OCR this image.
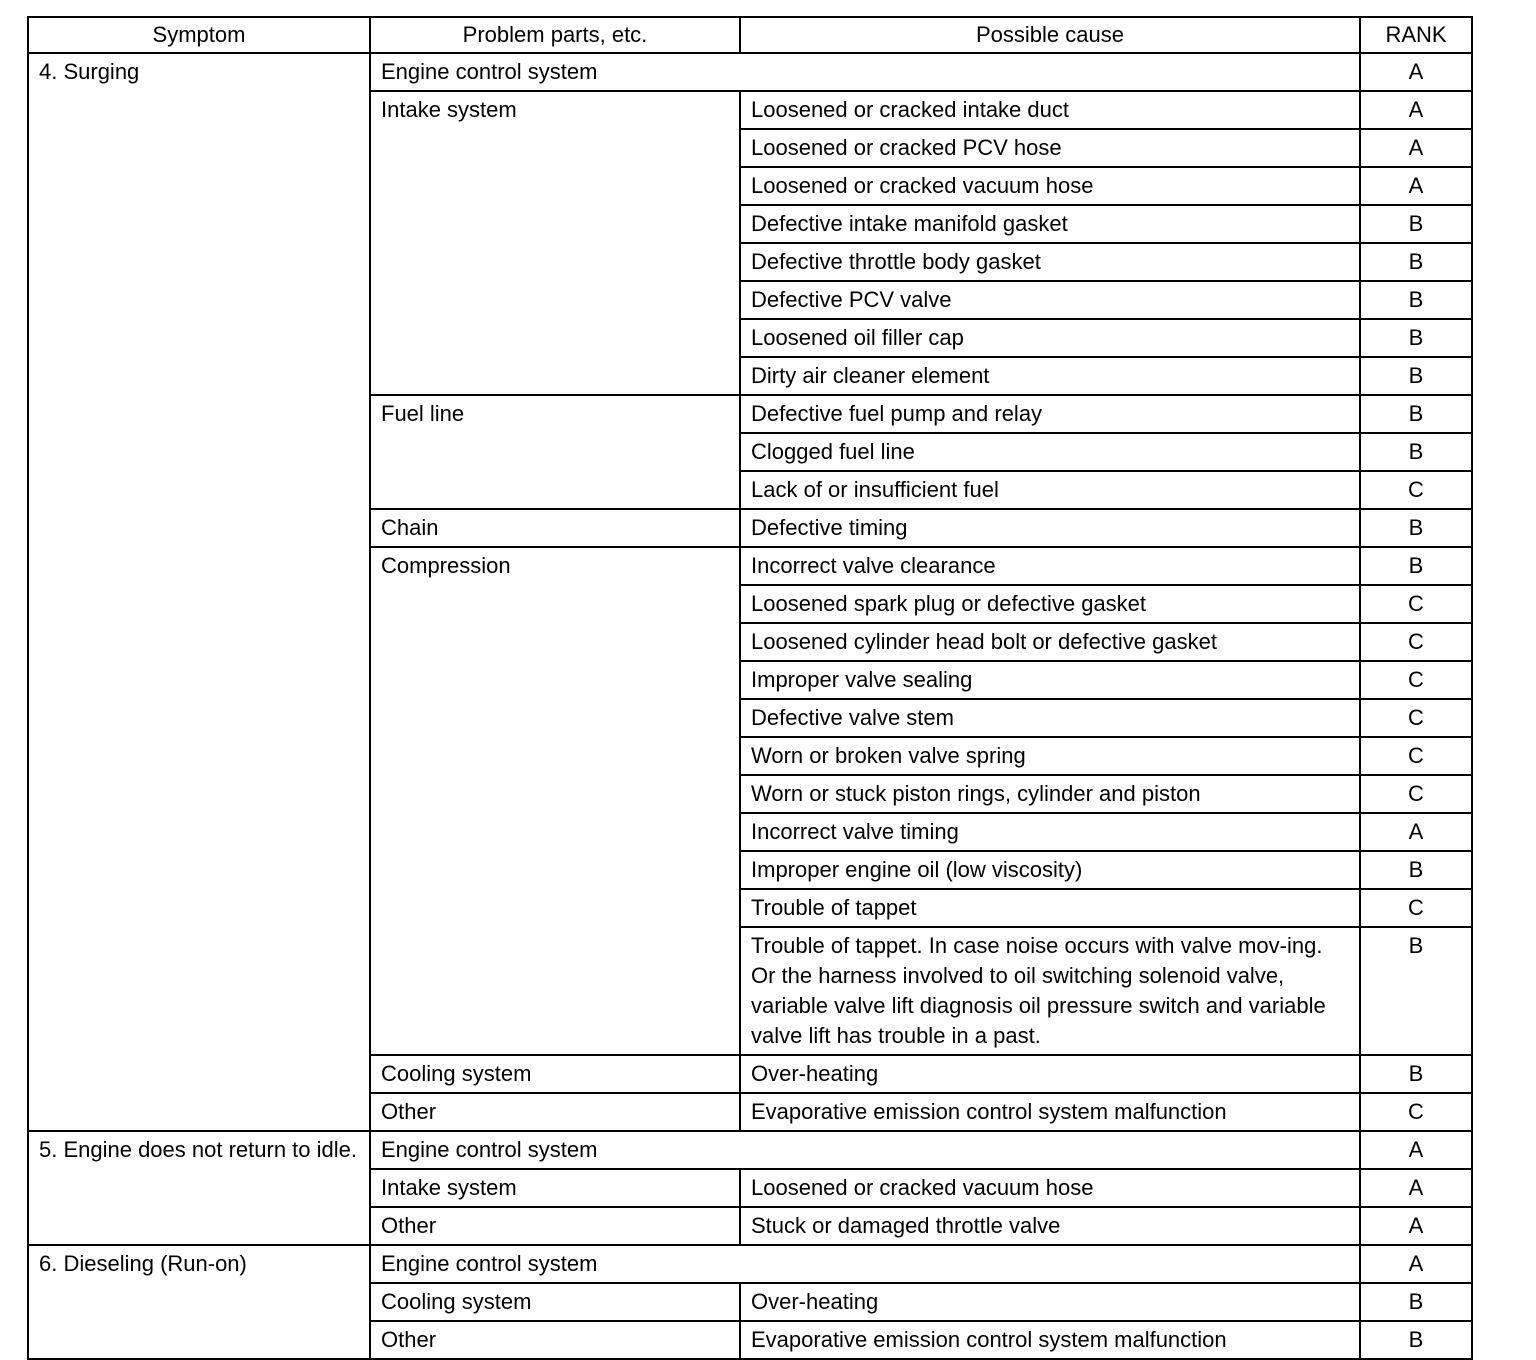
Symptom	Problem parts, etc.	Possible cause	RANK
4. Surging	Engine control system		A
	Intake system	Loosened or cracked intake duct	A
		Loosened or cracked PCV hose	A
		Loosened or cracked vacuum hose	A
		Defective intake manifold gasket	B
		Defective throttle body gasket	B
		Defective PCV valve	B
		Loosened oil filler cap	B
		Dirty air cleaner element	B
	Fuel line	Defective fuel pump and relay	B
		Clogged fuel line	B
		Lack of or insufficient fuel	C
	Chain	Defective timing	B
	Compression	Incorrect valve clearance	B
		Loosened spark plug or defective gasket	C
		Loosened cylinder head bolt or defective gasket	C
		Improper valve sealing	C
		Defective valve stem	C
		Worn or broken valve spring	C
		Worn or stuck piston rings, cylinder and piston	C
		Incorrect valve timing	A
		Improper engine oil (low viscosity)	B
		Trouble of tappet	C
		Trouble of tappet. In case noise occurs with valve mov-ing. Or the harness involved to oil switching solenoid valve, variable valve lift diagnosis oil pressure switch and variable valve lift has trouble in a past.	B
	Cooling system	Over-heating	B
	Other	Evaporative emission control system malfunction	C
5. Engine does not return to idle.	Engine control system		A
	Intake system	Loosened or cracked vacuum hose	A
	Other	Stuck or damaged throttle valve	A
6. Dieseling (Run-on)	Engine control system		A
	Cooling system	Over-heating	B
	Other	Evaporative emission control system malfunction	B
